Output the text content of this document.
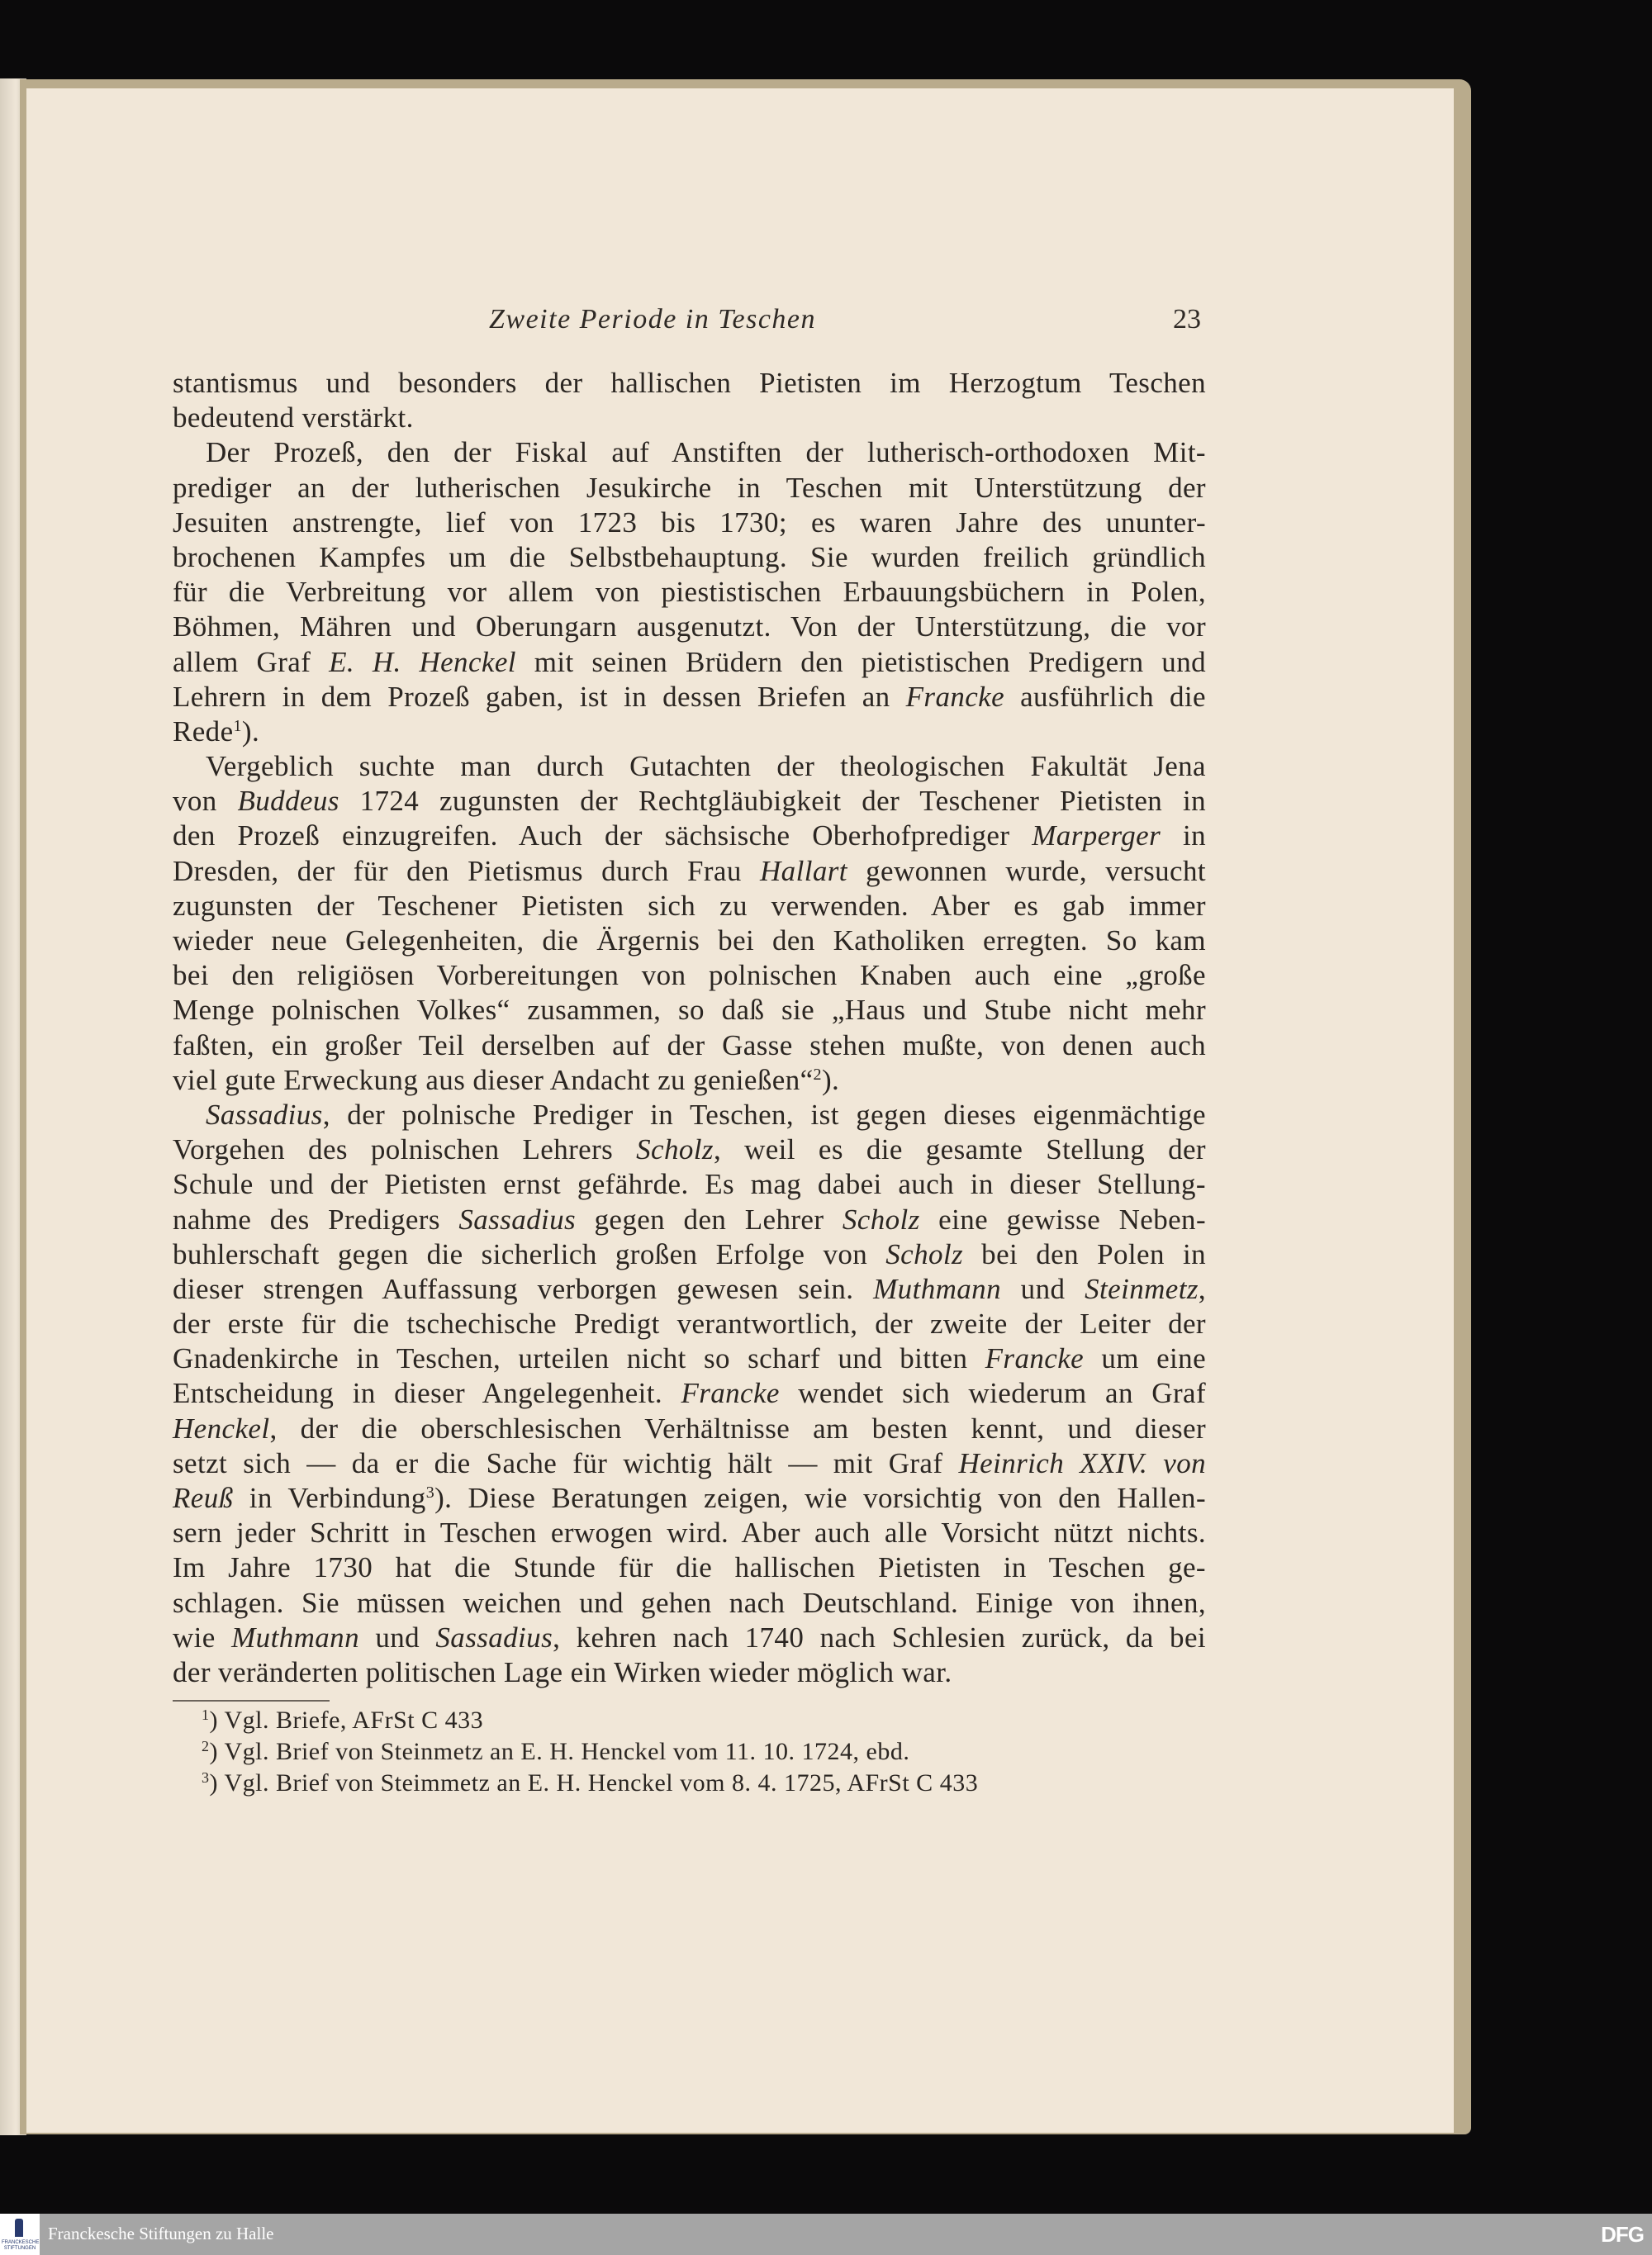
Zweite Periode in Teschen	23
stantismus und besonders der hallischen Pietisten im Herzogtum Teschen
bedeutend verstärkt.
Der Prozeß, den der Fiskal auf Anstiften der lutherisch-orthodoxen Mit-
prediger an der lutherischen Jesukirche in Teschen mit Unterstützung der
Jesuiten anstrengte, lief von 1723 bis 1730; es waren Jahre des ununter-
brochenen Kampfes um die Selbstbehauptung. Sie wurden freilich gründlich
für die Verbreitung vor allem von piestistischen Erbauungsbüchern in Polen,
Böhmen, Mähren und Oberungarn ausgenutzt. Von der Unterstützung, die vor
allem Graf E. H. Henckel mit seinen Brüdern den pietistischen Predigern und
Lehrern in dem Prozeß gaben, ist in dessen Briefen an Francke ausführlich die
Rede$^1$).
Vergeblich suchte man durch Gutachten der theologischen Fakultät Jena
von Buddeus 1724 zugunsten der Rechtgläubigkeit der Teschener Pietisten in
den Prozeß einzugreifen. Auch der sächsische Oberhofprediger Marperger in
Dresden, der für den Pietismus durch Frau Hallart gewonnen wurde, versucht
zugunsten der Teschener Pietisten sich zu verwenden. Aber es gab immer
wieder neue Gelegenheiten, die Ärgernis bei den Katholiken erregten. So kam
bei den religiösen Vorbereitungen von polnischen Knaben auch eine „große
Menge polnischen Volkes“ zusammen, so daß sie „Haus und Stube nicht mehr
faßten, ein großer Teil derselben auf der Gasse stehen mußte, von denen auch
viel gute Erweckung aus dieser Andacht zu genießen“$^2$).
Sassadius, der polnische Prediger in Teschen, ist gegen dieses eigenmächtige
Vorgehen des polnischen Lehrers Scholz, weil es die gesamte Stellung der
Schule und der Pietisten ernst gefährde. Es mag dabei auch in dieser Stellung-
nahme des Predigers Sassadius gegen den Lehrer Scholz eine gewisse Neben-
buhlerschaft gegen die sicherlich großen Erfolge von Scholz bei den Polen in
dieser strengen Auffassung verborgen gewesen sein. Muthmann und Steinmetz,
der erste für die tschechische Predigt verantwortlich, der zweite der Leiter der
Gnadenkirche in Teschen, urteilen nicht so scharf und bitten Francke um eine
Entscheidung in dieser Angelegenheit. Francke wendet sich wiederum an Graf
Henckel, der die oberschlesischen Verhältnisse am besten kennt, und dieser
setzt sich — da er die Sache für wichtig hält — mit Graf Heinrich XXIV. von
Reuß in Verbindung$^3$). Diese Beratungen zeigen, wie vorsichtig von den Hallen-
sern jeder Schritt in Teschen erwogen wird. Aber auch alle Vorsicht nützt nichts.
Im Jahre 1730 hat die Stunde für die hallischen Pietisten in Teschen ge-
schlagen. Sie müssen weichen und gehen nach Deutschland. Einige von ihnen,
wie Muthmann und Sassadius, kehren nach 1740 nach Schlesien zurück, da bei
der veränderten politischen Lage ein Wirken wieder möglich war.
$^1$) Vgl. Briefe, AFrSt C 433
$^2$) Vgl. Brief von Steinmetz an E. H. Henckel vom 11. 10. 1724, ebd.
$^3$) Vgl. Brief von Steimmetz an E. H. Henckel vom 8. 4. 1725, AFrSt C 433
FRANCKESCHE STIFTUNGEN
Franckesche Stiftungen zu Halle	DFG
